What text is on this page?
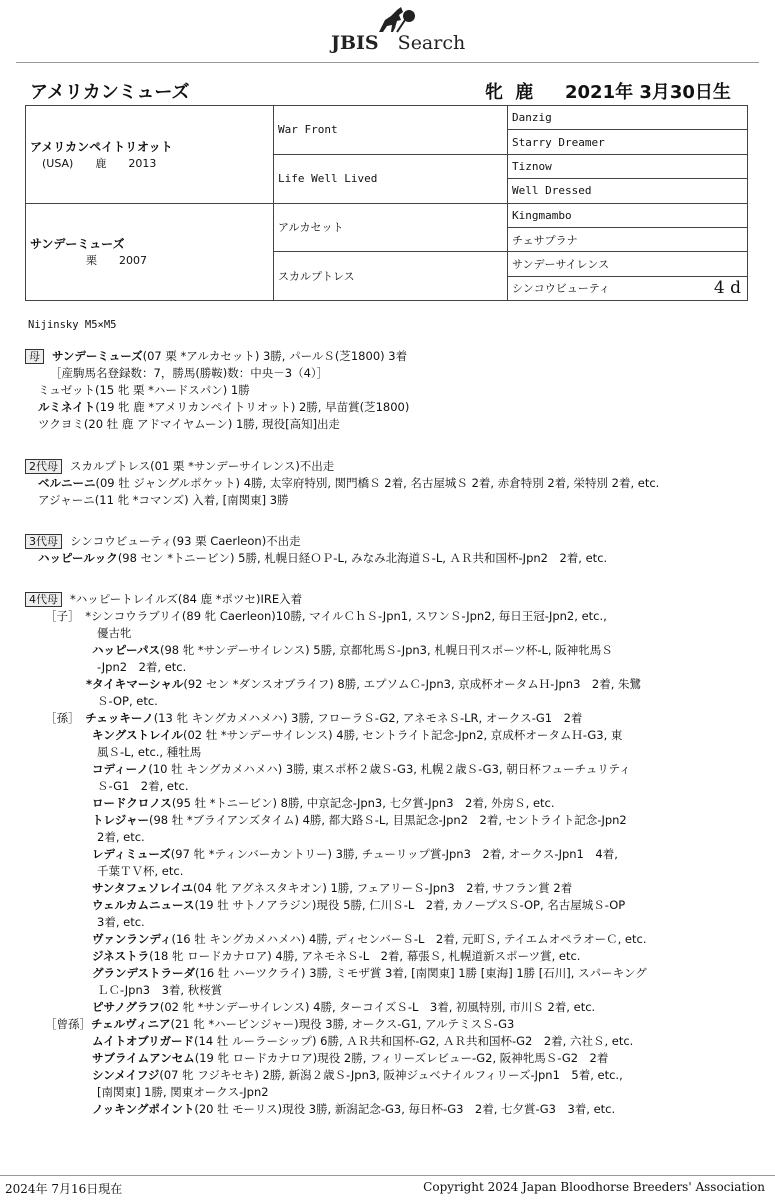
JBIS  Search
アメリカンミューズ	牝 鹿 2021年 3月30日生
アメリカンペイトリオット
(USA)　　鹿　　2013	War Front	Danzig
		Starry Dreamer
	Life Well Lived	Tiznow
		Well Dressed

サンデーミューズ
　　　　栗　　2007	アルカセット	Kingmambo
		チェサプラナ
	スカルプトレス	サンデーサイレンス
		シンコウビューティ 4 d
Nijinsky M5×M5
母 サンデーミューズ(07 栗 *アルカセット) 3勝, パールＳ(芝1800) 3着
［産駒馬名登録数：7，勝馬(勝鞍)数：中央－3（4）］
ミュゼット(15 牝 栗 *ハードスパン) 1勝
ルミネイト(19 牝 鹿 *アメリカンペイトリオット) 2勝, 早苗賞(芝1800)
ツクヨミ(20 牡 鹿 アドマイヤムーン) 1勝, 現役[高知]出走
2代母 スカルプトレス(01 栗 *サンデーサイレンス)不出走
ベルニーニ(09 牡 ジャングルポケット) 4勝, 太宰府特別, 関門橋Ｓ 2着, 名古屋城Ｓ 2着, 赤倉特別 2着, 栄特別 2着, etc.
アジャーニ(11 牝 *コマンズ) 入着, [南関東] 3勝
3代母 シンコウビューティ(93 栗 Caerleon)不出走
ハッピールック(98 セン *トニービン) 5勝, 札幌日経ＯＰ-L, みなみ北海道Ｓ-L, ＡＲ共和国杯-Jpn2　2着, etc.
4代母 *ハッピートレイルズ(84 鹿 *ポツセ)IRE入着
［子］　*シンコウラブリイ(89 牝 Caerleon)10勝, マイルＣｈＳ-Jpn1, スワンＳ-Jpn2, 毎日王冠-Jpn2, etc.,
優古牝
ハッピーパス(98 牝 *サンデーサイレンス) 5勝, 京都牝馬Ｓ-Jpn3, 札幌日刊スポーツ杯-L, 阪神牝馬Ｓ
-Jpn2　2着, etc.
*タイキマーシャル(92 セン *ダンスオブライフ) 8勝, エプソムＣ-Jpn3, 京成杯オータムＨ-Jpn3　2着, 朱鷺
Ｓ-OP, etc.
［孫］　チェッキーノ(13 牝 キングカメハメハ) 3勝, フローラＳ-G2, アネモネＳ-LR, オークス-G1　2着
キングストレイル(02 牡 *サンデーサイレンス) 4勝, セントライト記念-Jpn2, 京成杯オータムＨ-G3, 東
風Ｓ-L, etc., 種牡馬
コディーノ(10 牡 キングカメハメハ) 3勝, 東スポ杯２歳Ｓ-G3, 札幌２歳Ｓ-G3, 朝日杯フューチュリティ
Ｓ-G1　2着, etc.
ロードクロノス(95 牡 *トニービン) 8勝, 中京記念-Jpn3, 七夕賞-Jpn3　2着, 外房Ｓ, etc.
トレジャー(98 牡 *ブライアンズタイム) 4勝, 都大路Ｓ-L, 目黒記念-Jpn2　2着, セントライト記念-Jpn2
2着, etc.
レディミューズ(97 牝 *ティンバーカントリー) 3勝, チューリップ賞-Jpn3　2着, オークス-Jpn1　4着,
千葉ＴＶ杯, etc.
サンタフェソレイユ(04 牝 アグネスタキオン) 1勝, フェアリーＳ-Jpn3　2着, サフラン賞 2着
ウェルカムニュース(19 牡 サトノアラジン)現役 5勝, 仁川Ｓ-L　2着, カノープスＳ-OP, 名古屋城Ｓ-OP
3着, etc.
ヴァンランディ(16 牡 キングカメハメハ) 4勝, ディセンバーＳ-L　2着, 元町Ｓ, テイエムオペラオーＣ, etc.
ジネストラ(18 牝 ロードカナロア) 4勝, アネモネＳ-L　2着, 幕張Ｓ, 札幌道新スポーツ賞, etc.
グランデストラーダ(16 牡 ハーツクライ) 3勝, ミモザ賞 3着, [南関東] 1勝 [東海] 1勝 [石川], スパーキング
ＬＣ-Jpn3　3着, 秋桜賞
ピサノグラフ(02 牝 *サンデーサイレンス) 4勝, ターコイズＳ-L　3着, 初風特別, 市川Ｓ 2着, etc.
［曾孫］チェルヴィニア(21 牝 *ハービンジャー)現役 3勝, オークス-G1, アルテミスＳ-G3
ムイトオブリガード(14 牡 ルーラーシップ) 6勝, ＡＲ共和国杯-G2, ＡＲ共和国杯-G2　2着, 六社Ｓ, etc.
サブライムアンセム(19 牝 ロードカナロア)現役 2勝, フィリーズレビュー-G2, 阪神牝馬Ｓ-G2　2着
シンメイフジ(07 牝 フジキセキ) 2勝, 新潟２歳Ｓ-Jpn3, 阪神ジュベナイルフィリーズ-Jpn1　5着, etc.,
[南関東] 1勝, 関東オークス-Jpn2
ノッキングポイント(20 牡 モーリス)現役 3勝, 新潟記念-G3, 毎日杯-G3　2着, 七夕賞-G3　3着, etc.
2024年 7月16日現在	Copyright 2024 Japan Bloodhorse Breeders' Association
